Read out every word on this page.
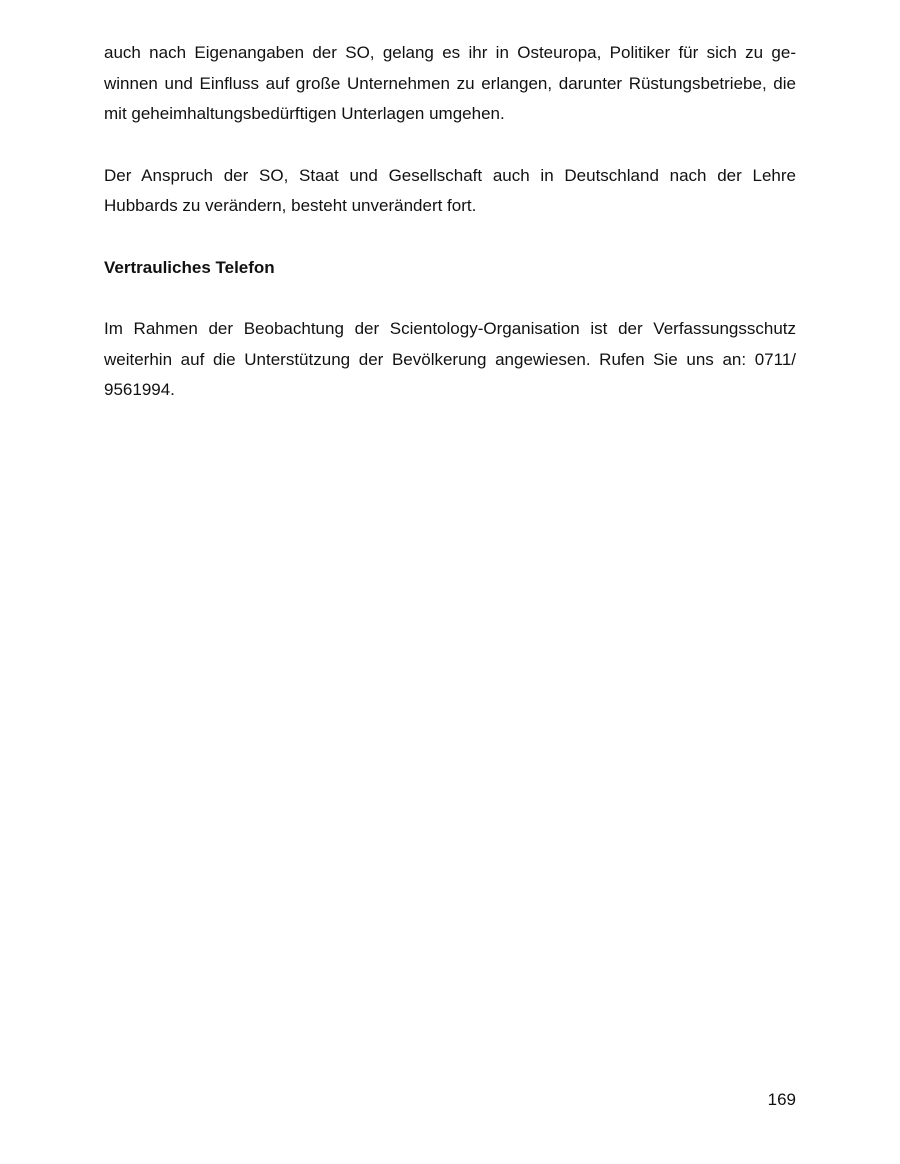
auch nach Eigenangaben der SO, gelang es ihr in Osteuropa, Politiker für sich zu ge-winnen und Einfluss auf große Unternehmen zu erlangen, darunter Rüstungsbetriebe, die mit geheimhaltungsbedürftigen Unterlagen umgehen.

Der Anspruch der SO, Staat und Gesellschaft auch in Deutschland nach der Lehre Hubbards zu verändern, besteht unverändert fort.

Vertrauliches Telefon

Im Rahmen der Beobachtung der Scientology-Organisation ist der Verfassungsschutz weiterhin auf die Unterstützung der Bevölkerung angewiesen. Rufen Sie uns an: 0711/ 9561994.

169
